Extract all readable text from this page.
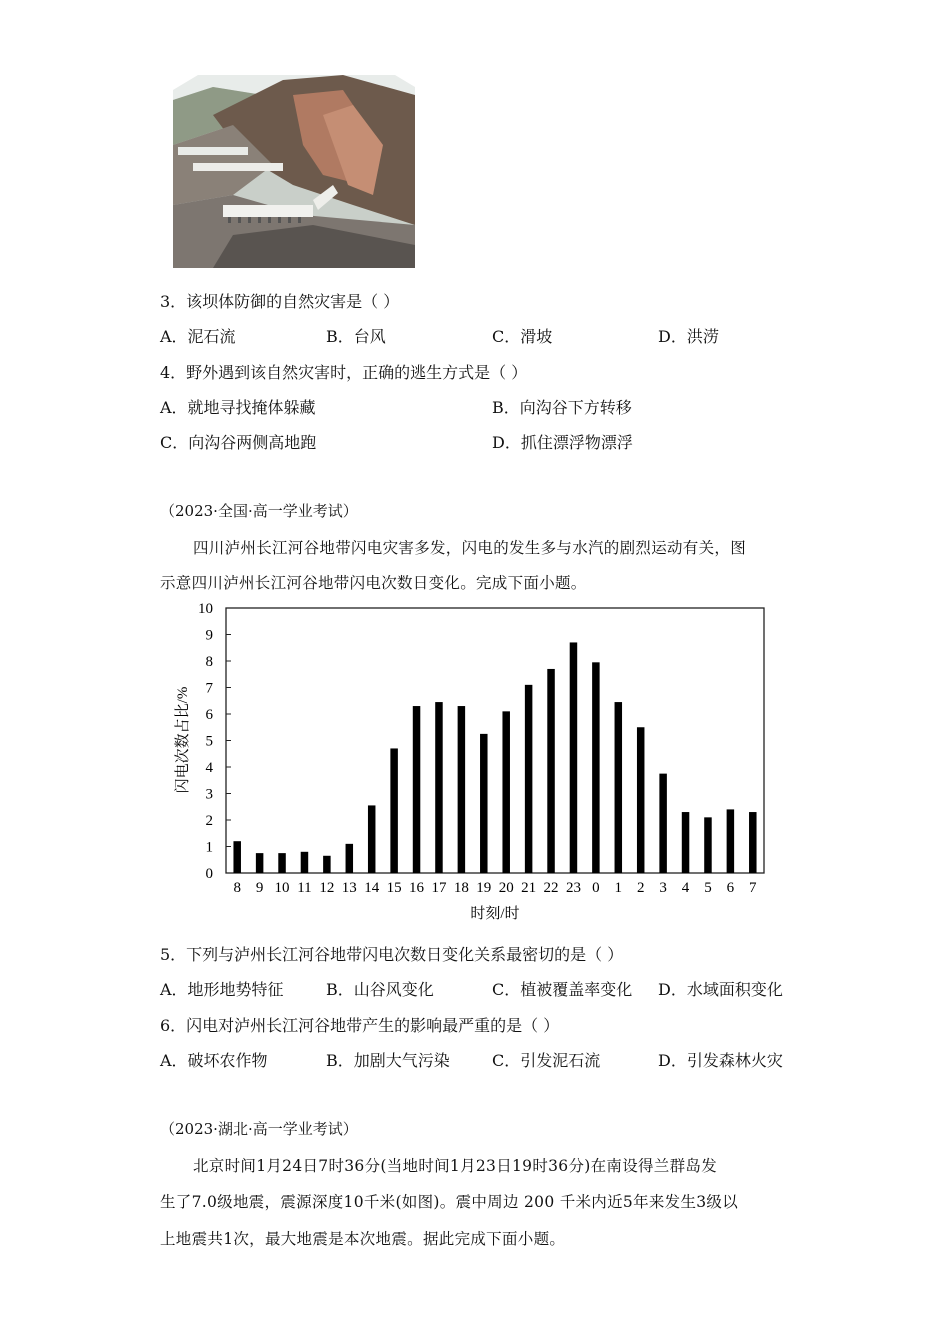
3．该坝体防御的自然灾害是（ ）
A．泥石流	B．台风	C．滑坡	D．洪涝
4．野外遇到该自然灾害时，正确的逃生方式是（ ）
A．就地寻找掩体躲藏	B．向沟谷下方转移
C．向沟谷两侧高地跑	D．抓住漂浮物漂浮
（2023·全国·高一学业考试）
四川泸州长江河谷地带闪电灾害多发，闪电的发生多与水汽的剧烈运动有关，图
示意四川泸州长江河谷地带闪电次数日变化。完成下面小题。
0
1
2
3
4
5
6
7
8
9
10
8 9 10 11 12 13 14 15 16 17 18 19 20 21 22 23 0 1 2 3 4 5 6 7
闪电次数占比/%
时刻/时
5．下列与泸州长江河谷地带闪电次数日变化关系最密切的是（ ）
A．地形地势特征	B．山谷风变化	C．植被覆盖率变化 D．水域面积变化
6．闪电对泸州长江河谷地带产生的影响最严重的是（ ）
A．破坏农作物	B．加剧大气污染	C．引发泥石流	D．引发森林火灾
（2023·湖北·高一学业考试）
北京时间1月24日7时36分(当地时间1月23日19时36分)在南设得兰群岛发
生了7.0级地震，震源深度10千米(如图)。震中周边 200 千米内近5年来发生3级以
上地震共1次，最大地震是本次地震。据此完成下面小题。
